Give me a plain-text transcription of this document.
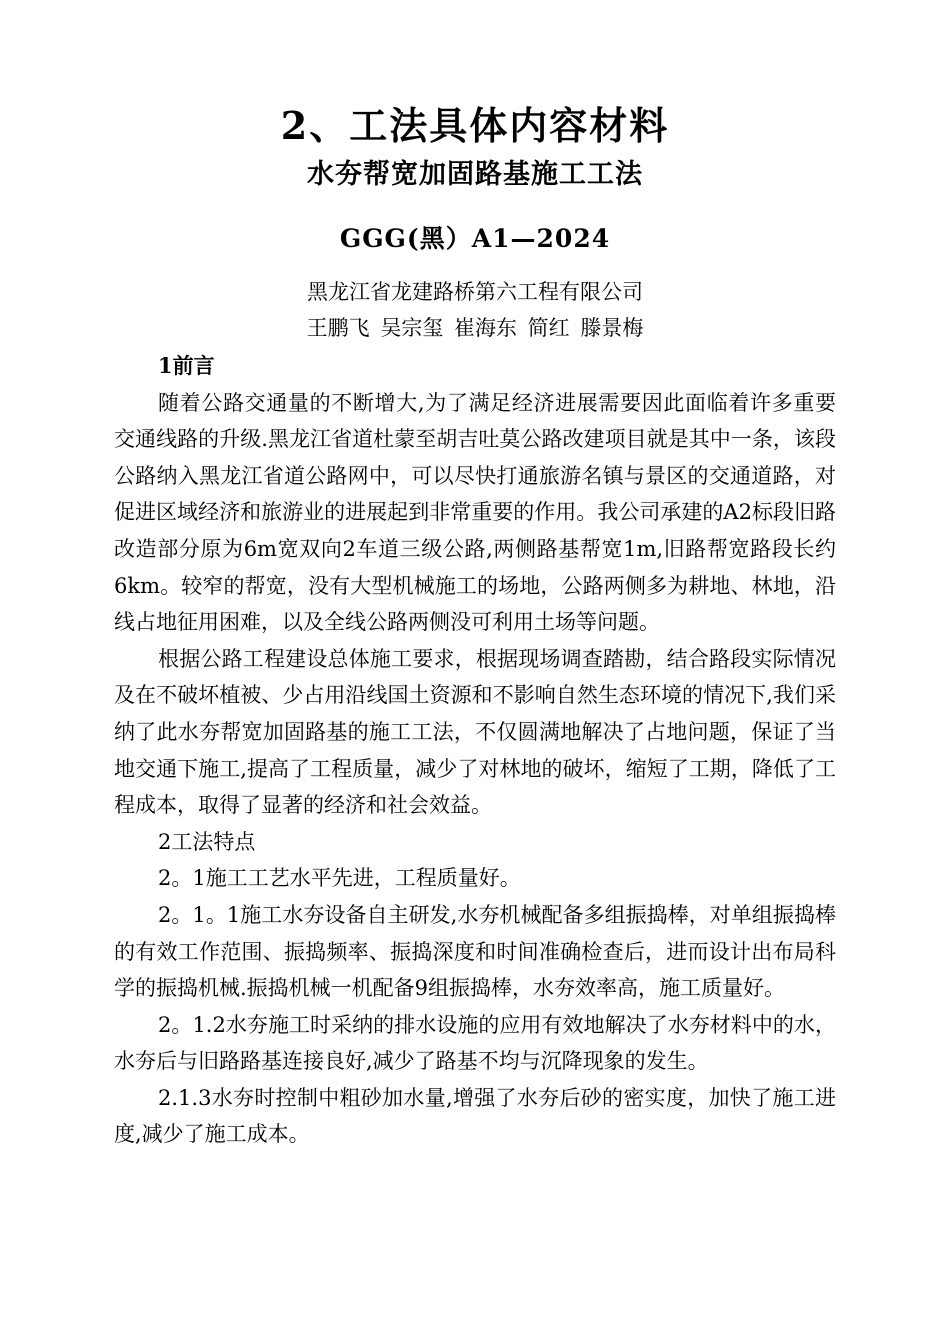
2、工法具体内容材料
水夯帮宽加固路基施工工法
GGG(黑）A1—2024
黑龙江省龙建路桥第六工程有限公司
王鹏飞 吴宗玺 崔海东 简红 滕景梅

1前言

随着公路交通量的不断增大,为了满足经济进展需要因此面临着许多重要交通线路的升级.黑龙江省道杜蒙至胡吉吐莫公路改建项目就是其中一条，该段公路纳入黑龙江省道公路网中，可以尽快打通旅游名镇与景区的交通道路，对促进区域经济和旅游业的进展起到非常重要的作用。我公司承建的A2标段旧路改造部分原为6m宽双向2车道三级公路,两侧路基帮宽1m,旧路帮宽路段长约6km。较窄的帮宽，没有大型机械施工的场地，公路两侧多为耕地、林地，沿线占地征用困难，以及全线公路两侧没可利用土场等问题。

根据公路工程建设总体施工要求，根据现场调查踏勘，结合路段实际情况及在不破坏植被、少占用沿线国土资源和不影响自然生态环境的情况下,我们采纳了此水夯帮宽加固路基的施工工法，不仅圆满地解决了占地问题，保证了当地交通下施工,提高了工程质量，减少了对林地的破坏，缩短了工期，降低了工程成本，取得了显著的经济和社会效益。

2工法特点

2。1施工工艺水平先进，工程质量好。

2。1。1施工水夯设备自主研发,水夯机械配备多组振捣棒，对单组振捣棒的有效工作范围、振捣频率、振捣深度和时间准确检查后，进而设计出布局科学的振捣机械.振捣机械一机配备9组振捣棒，水夯效率高，施工质量好。

2。1.2水夯施工时采纳的排水设施的应用有效地解决了水夯材料中的水，水夯后与旧路路基连接良好,减少了路基不均与沉降现象的发生。

2.1.3水夯时控制中粗砂加水量,增强了水夯后砂的密实度，加快了施工进度,减少了施工成本。
